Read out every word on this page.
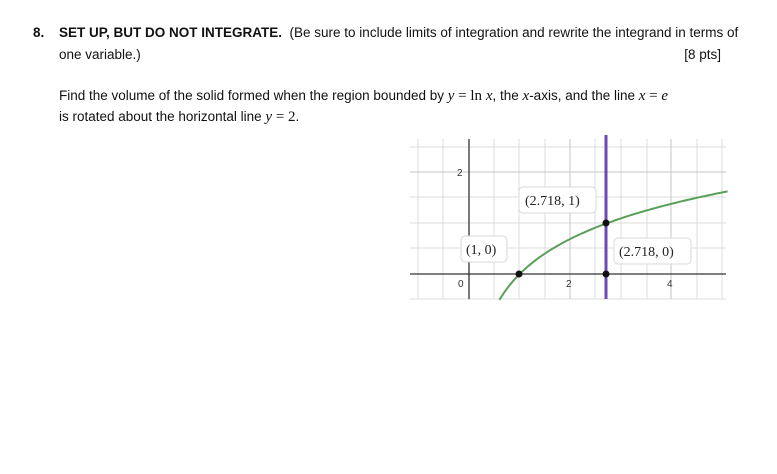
8. SET UP, BUT DO NOT INTEGRATE. (Be sure to include limits of integration and rewrite the integrand in terms of
one variable.)	[8 pts]
Find the volume of the solid formed when the region bounded by y = ln x, the x-axis, and the line x = e
is rotated about the horizontal line y = 2.
2
0	2	4
(1, 0)
(2.718, 1)
(2.718, 0)
